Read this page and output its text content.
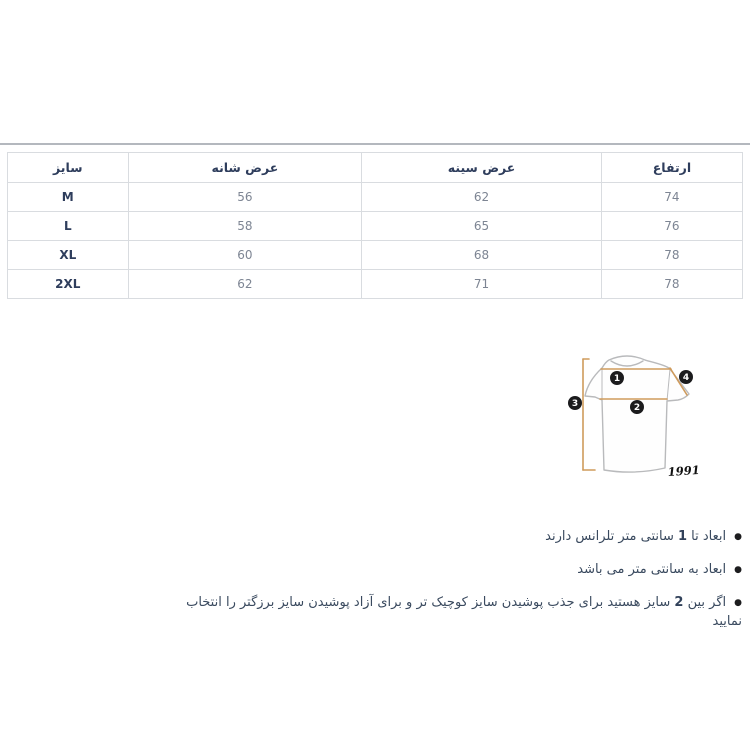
سایز	عرض شانه	عرض سینه	ارتفاع
M	56	62	74
L	58	65	76
XL	60	68	78
2XL	62	71	78
1
2
3
4
1991
●ابعاد تا 1 سانتی متر تلرانس دارند
●ابعاد به سانتی متر می باشد
●اگر بین 2 سایز هستید برای جذب پوشیدن سایز کوچیک تر و برای آزاد پوشیدن سایز برزگتر را انتخاب نمایید
